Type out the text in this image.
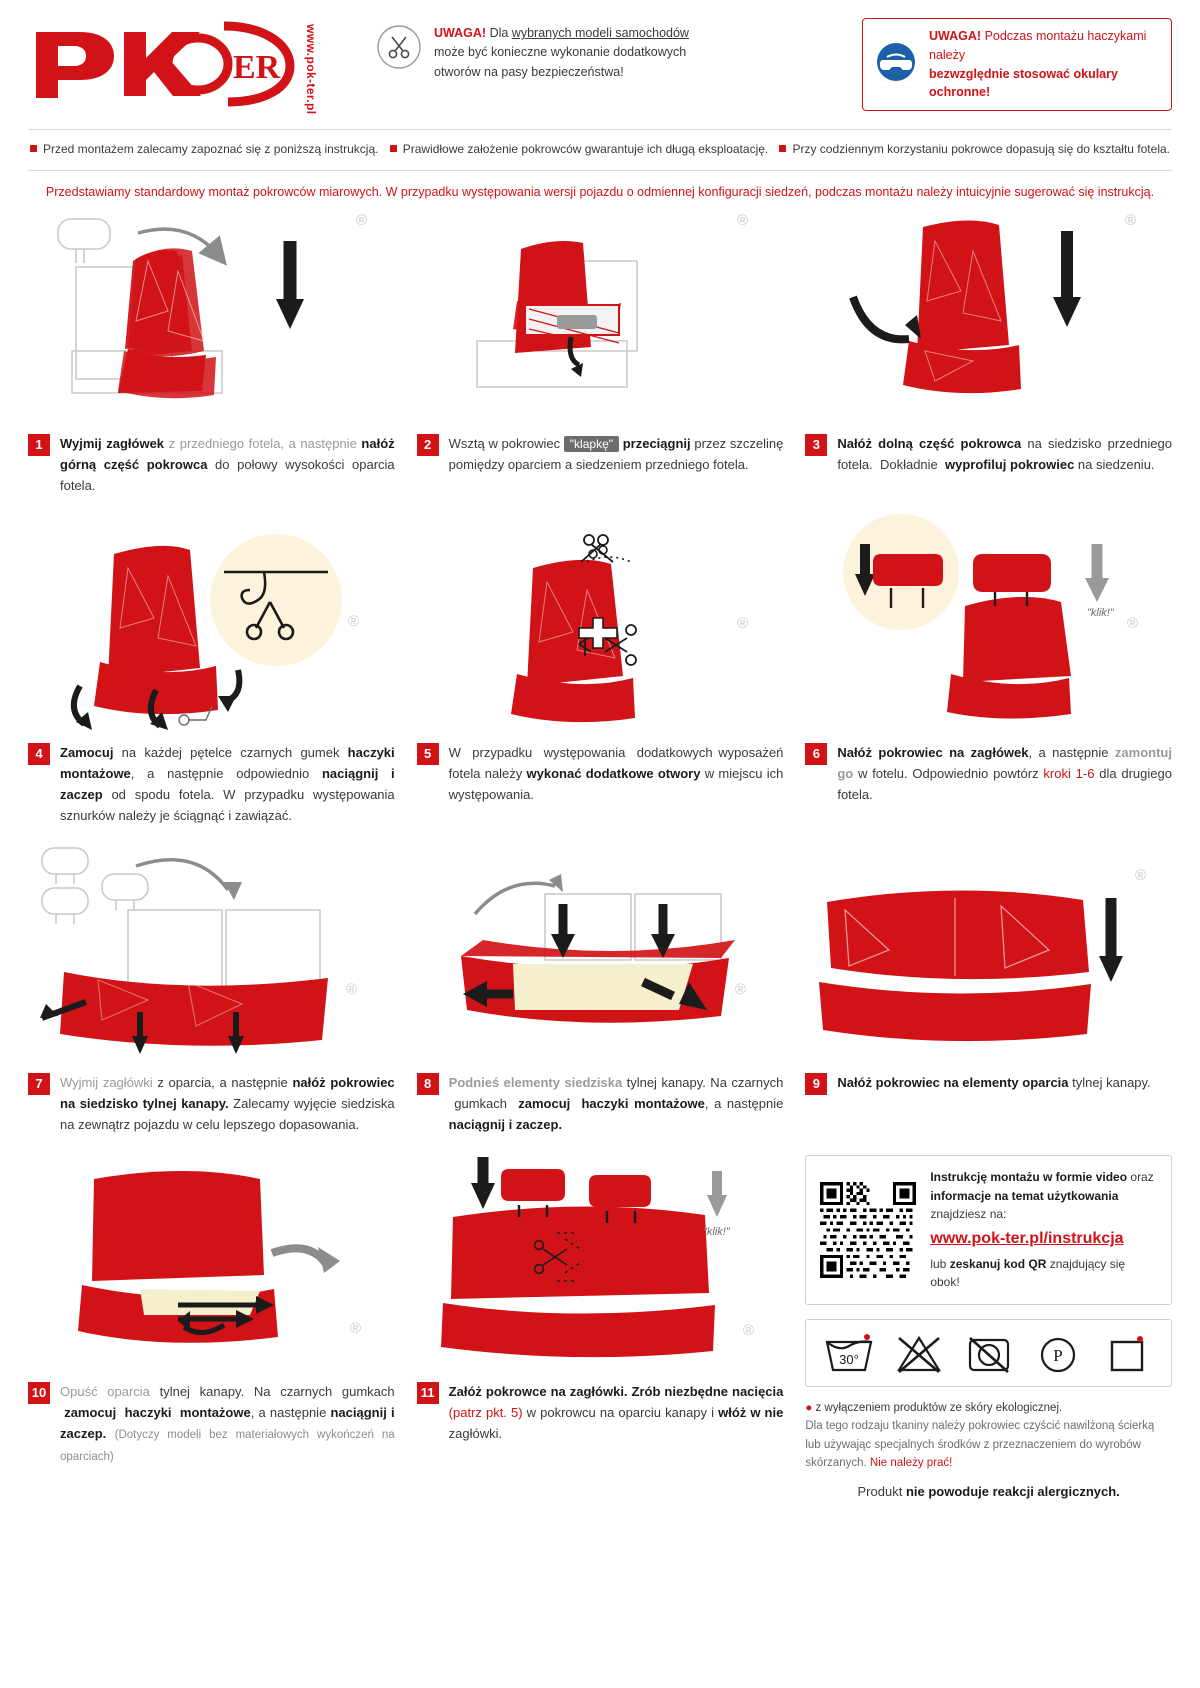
ER www.pok-ter.pl	UWAGA! Dla wybranych modeli samochodów
może być konieczne wykonanie dodatkowych
otworów na pasy bezpieczeństwa!
UWAGA! Podczas montażu haczykami należy
bezwzględnie stosować okulary ochronne!
Przed montażem zalecamy zapoznać się z poniższą instrukcją. Prawidłowe założenie pokrowców gwarantuje ich długą eksploatację. Przy codziennym korzystaniu pokrowce dopasują się do kształtu fotela.
Przedstawiamy standardowy montaż pokrowców miarowych. W przypadku występowania wersji pojazdu o odmiennej konfiguracji siedzeń, podczas montażu należy intuicyjnie sugerować się instrukcją.
®
1	Wyjmij zagłówek z przedniego fotela, a następnie nałóż górną część pokrowca do połowy wysokości oparcia fotela.
®
2	Wsztą w pokrowiec "klapkę" przeciągnij przez szczelinę pomiędzy oparciem a siedzeniem przedniego fotela.
®
3	Nałóż dolną część pokrowca na siedzisko przedniego fotela.  Dokładnie  wyprofiluj pokrowiec na siedzeniu.
®
4	Zamocuj na każdej pętelce czarnych gumek haczyki montażowe, a następnie odpowiednio naciągnij i zaczep od spodu fotela. W przypadku występowania sznurków należy je ściągnąć i zawiązać.
®
5	W  przypadku  występowania  dodatkowych wyposażeń fotela należy wykonać dodatkowe otwory w miejscu ich występowania.
"klik!"
®
6	Nałóż pokrowiec na zagłówek, a następnie zamontuj go w fotelu. Odpowiednio powtórz kroki 1-6 dla drugiego fotela.
®
7	Wyjmij zagłówki z oparcia, a następnie nałóż pokrowiec na siedzisko tylnej kanapy. Zalecamy wyjęcie siedziska na zewnątrz pojazdu w celu lepszego dopasowania.
®
8	Podnieś elementy siedziska tylnej kanapy. Na czarnych  gumkach  zamocuj  haczyki montażowe, a następnie naciągnij i zaczep.
®
9	Nałóż pokrowiec na elementy oparcia tylnej kanapy.
®
10 Opuść oparcia tylnej kanapy. Na czarnych gumkach  zamocuj  haczyki  montażowe, a następnie naciągnij i zaczep. (Dotyczy modeli bez materiałowych wykończeń na oparciach)
"klik!"
®
11	Załóż pokrowce na zagłówki. Zrób niezbędne nacięcia (patrz pkt. 5) w pokrowcu na oparciu kanapy i włóż w nie zagłówki.
Instrukcję montażu w formie video oraz
informacje na temat użytkowania znajdziesz na:
www.pok-ter.pl/instrukcja
lub zeskanuj kod QR znajdujący się obok!
30°	P
● z wyłączeniem produktów ze skóry ekologicznej.
Dla tego rodzaju tkaniny należy pokrowiec czyścić nawilżoną ścierką
lub używając specjalnych środków z przeznaczeniem do wyrobów
skórzanych. Nie należy prać!
Produkt nie powoduje reakcji alergicznych.
